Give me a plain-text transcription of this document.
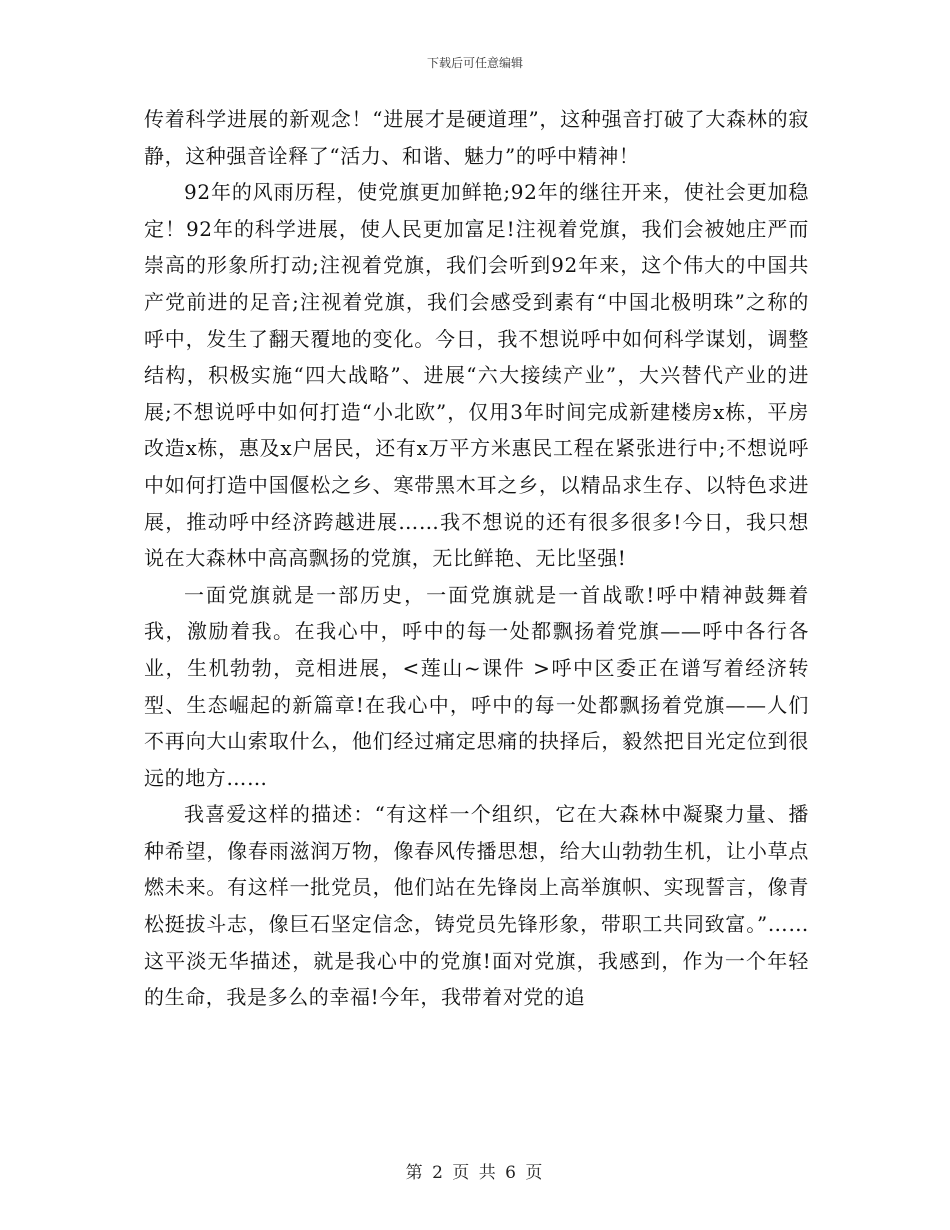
下载后可任意编辑

传着科学进展的新观念！“进展才是硬道理”，这种强音打破了大森林的寂静，这种强音诠释了“活力、和谐、魅力”的呼中精神！

92年的风雨历程，使党旗更加鲜艳;92年的继往开来，使社会更加稳定！92年的科学进展，使人民更加富足!注视着党旗，我们会被她庄严而崇高的形象所打动;注视着党旗，我们会听到92年来，这个伟大的中国共产党前进的足音;注视着党旗，我们会感受到素有“中国北极明珠”之称的呼中，发生了翻天覆地的变化。今日，我不想说呼中如何科学谋划，调整结构，积极实施“四大战略”、进展“六大接续产业”，大兴替代产业的进展;不想说呼中如何打造“小北欧”，仅用3年时间完成新建楼房x栋，平房改造x栋，惠及x户居民，还有x万平方米惠民工程在紧张进行中;不想说呼中如何打造中国偃松之乡、寒带黑木耳之乡，以精品求生存、以特色求进展，推动呼中经济跨越进展……我不想说的还有很多很多!今日，我只想说在大森林中高高飘扬的党旗，无比鲜艳、无比坚强!

一面党旗就是一部历史，一面党旗就是一首战歌!呼中精神鼓舞着我，激励着我。在我心中，呼中的每一处都飘扬着党旗——呼中各行各业，生机勃勃，竞相进展，<莲山~课件 >呼中区委正在谱写着经济转型、生态崛起的新篇章!在我心中，呼中的每一处都飘扬着党旗——人们不再向大山索取什么，他们经过痛定思痛的抉择后，毅然把目光定位到很远的地方……

我喜爱这样的描述：“有这样一个组织，它在大森林中凝聚力量、播种希望，像春雨滋润万物，像春风传播思想，给大山勃勃生机，让小草点燃未来。有这样一批党员，他们站在先锋岗上高举旗帜、实现誓言，像青松挺拔斗志，像巨石坚定信念，铸党员先锋形象，带职工共同致富。”……这平淡无华描述，就是我心中的党旗!面对党旗，我感到，作为一个年轻的生命，我是多么的幸福!今年，我带着对党的追

第 2 页 共 6 页
